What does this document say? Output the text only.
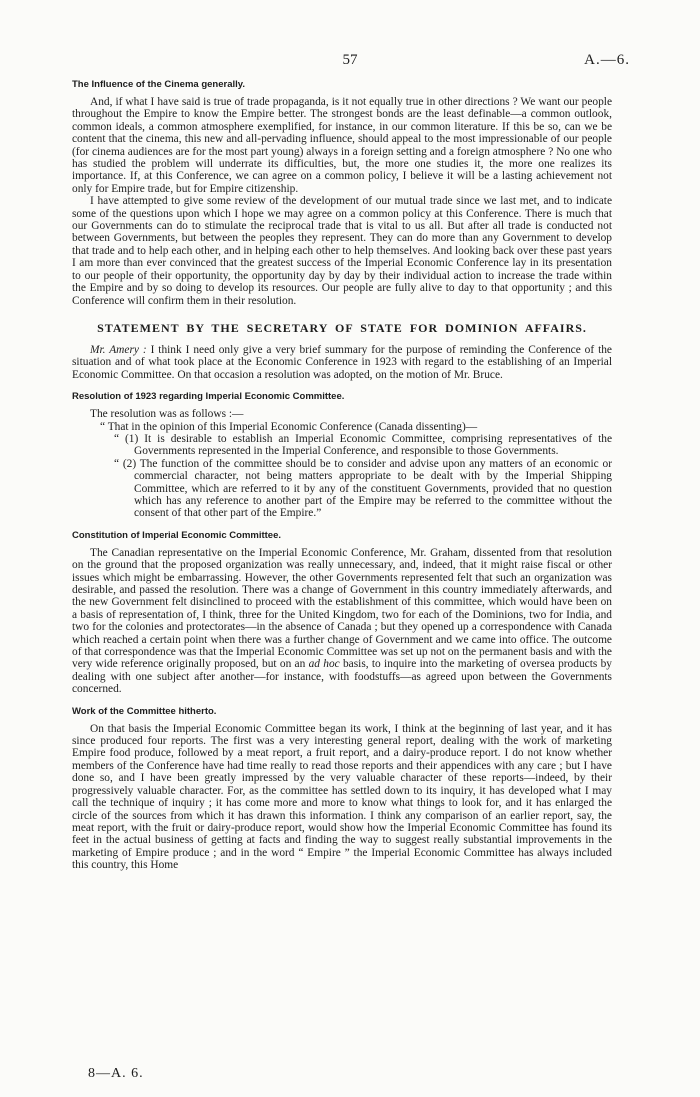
57	A.—6.
The Influence of the Cinema generally.

And, if what I have said is true of trade propaganda, is it not equally true in other directions ? We want our people throughout the Empire to know the Empire better. The strongest bonds are the least definable—a common outlook, common ideals, a common atmosphere exemplified, for instance, in our common literature. If this be so, can we be content that the cinema, this new and all-pervading influence, should appeal to the most impressionable of our people (for cinema audiences are for the most part young) always in a foreign setting and a foreign atmosphere ? No one who has studied the problem will underrate its difficulties, but, the more one studies it, the more one realizes its importance. If, at this Conference, we can agree on a common policy, I believe it will be a lasting achievement not only for Empire trade, but for Empire citizenship.

I have attempted to give some review of the development of our mutual trade since we last met, and to indicate some of the questions upon which I hope we may agree on a common policy at this Conference. There is much that our Governments can do to stimulate the reciprocal trade that is vital to us all. But after all trade is conducted not between Governments, but between the peoples they represent. They can do more than any Government to develop that trade and to help each other, and in helping each other to help themselves. And looking back over these past years I am more than ever convinced that the greatest success of the Imperial Economic Conference lay in its presentation to our people of their opportunity, the opportunity day by day by their individual action to increase the trade within the Empire and by so doing to develop its resources. Our people are fully alive to day to that opportunity ; and this Conference will confirm them in their resolution.

STATEMENT BY THE SECRETARY OF STATE FOR DOMINION AFFAIRS.

Mr. Amery : I think I need only give a very brief summary for the purpose of reminding the Conference of the situation and of what took place at the Economic Conference in 1923 with regard to the establishing of an Imperial Economic Committee. On that occasion a resolution was adopted, on the motion of Mr. Bruce.

Resolution of 1923 regarding Imperial Economic Committee.

The resolution was as follows :—

“ That in the opinion of this Imperial Economic Conference (Canada dissenting)—

“ (1) It is desirable to establish an Imperial Economic Committee, comprising representatives of the Governments represented in the Imperial Conference, and responsible to those Governments.

“ (2) The function of the committee should be to consider and advise upon any matters of an economic or commercial character, not being matters appropriate to be dealt with by the Imperial Shipping Committee, which are referred to it by any of the constituent Governments, provided that no question which has any reference to another part of the Empire may be referred to the committee without the consent of that other part of the Empire.”

Constitution of Imperial Economic Committee.

The Canadian representative on the Imperial Economic Conference, Mr. Graham, dissented from that resolution on the ground that the proposed organization was really unnecessary, and, indeed, that it might raise fiscal or other issues which might be embarrassing. However, the other Governments represented felt that such an organization was desirable, and passed the resolution. There was a change of Government in this country immediately afterwards, and the new Government felt disinclined to proceed with the establishment of this committee, which would have been on a basis of representation of, I think, three for the United Kingdom, two for each of the Dominions, two for India, and two for the colonies and protectorates—in the absence of Canada ; but they opened up a correspondence with Canada which reached a certain point when there was a further change of Government and we came into office. The outcome of that correspondence was that the Imperial Economic Committee was set up not on the permanent basis and with the very wide reference originally proposed, but on an ad hoc basis, to inquire into the marketing of oversea products by dealing with one subject after another—for instance, with foodstuffs—as agreed upon between the Governments concerned.

Work of the Committee hitherto.

On that basis the Imperial Economic Committee began its work, I think at the beginning of last year, and it has since produced four reports. The first was a very interesting general report, dealing with the work of marketing Empire food produce, followed by a meat report, a fruit report, and a dairy-produce report. I do not know whether members of the Conference have had time really to read those reports and their appendices with any care ; but I have done so, and I have been greatly impressed by the very valuable character of these reports—indeed, by their progressively valuable character. For, as the committee has settled down to its inquiry, it has developed what I may call the technique of inquiry ; it has come more and more to know what things to look for, and it has enlarged the circle of the sources from which it has drawn this information. I think any comparison of an earlier report, say, the meat report, with the fruit or dairy-produce report, would show how the Imperial Economic Committee has found its feet in the actual business of getting at facts and finding the way to suggest really substantial improvements in the marketing of Empire produce ; and in the word “ Empire ” the Imperial Economic Committee has always included this country, this Home

8—A. 6.
